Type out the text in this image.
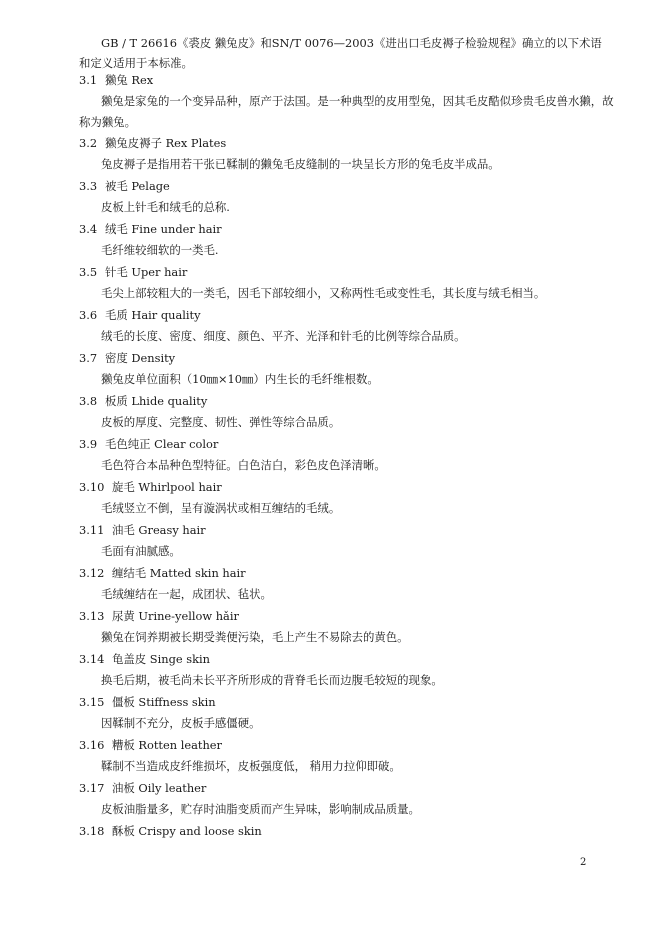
GB / T 26616《裘皮 獭兔皮》和SN/T 0076—2003《进出口毛皮褥子检验规程》确立的以下术语和定义适用于本标准。

3.1 獭兔 Rex

獭兔是家兔的一个变异品种，原产于法国。是一种典型的皮用型兔，因其毛皮酷似珍贵毛皮兽水獭，故称为獭兔。

3.2 獭兔皮褥子 Rex Plates

兔皮褥子是指用若干张已鞣制的獭兔毛皮缝制的一块呈长方形的兔毛皮半成品。

3.3 被毛 Pelage

皮板上针毛和绒毛的总称.

3.4 绒毛 Fine under hair

毛纤维较细软的一类毛.

3.5 针毛 Uper hair

毛尖上部较粗大的一类毛，因毛下部较细小，又称两性毛或变性毛，其长度与绒毛相当。

3.6 毛质 Hair quality

绒毛的长度、密度、细度、颜色、平齐、光泽和针毛的比例等综合品质。

3.7 密度 Density

獭兔皮单位面积（10㎜×10㎜）内生长的毛纤维根数。

3.8 板质 Lhide quality

皮板的厚度、完整度、韧性、弹性等综合品质。

3.9 毛色纯正 Clear color

毛色符合本品种色型特征。白色洁白，彩色皮色泽清晰。

3.10 旋毛 Whirlpool hair

毛绒竖立不倒，呈有漩涡状或相互缠结的毛绒。

3.11 油毛 Greasy hair

毛面有油腻感。

3.12 缠结毛 Matted skin hair

毛绒缠结在一起，成团状、毡状。

3.13 尿黄 Urine-yellow hǎir

獭兔在饲养期被长期受粪便污染，毛上产生不易除去的黄色。

3.14 龟盖皮 Singe skin

换毛后期，被毛尚未长平齐所形成的背脊毛长而边腹毛较短的现象。

3.15 僵板 Stiffness skin

因鞣制不充分，皮板手感僵硬。

3.16 糟板 Rotten leather

鞣制不当造成皮纤维损坏，皮板强度低， 稍用力拉仰即破。

3.17 油板 Oily leather

皮板油脂量多，贮存时油脂变质而产生异味，影响制成品质量。

3.18 酥板 Crispy and loose skin
2
